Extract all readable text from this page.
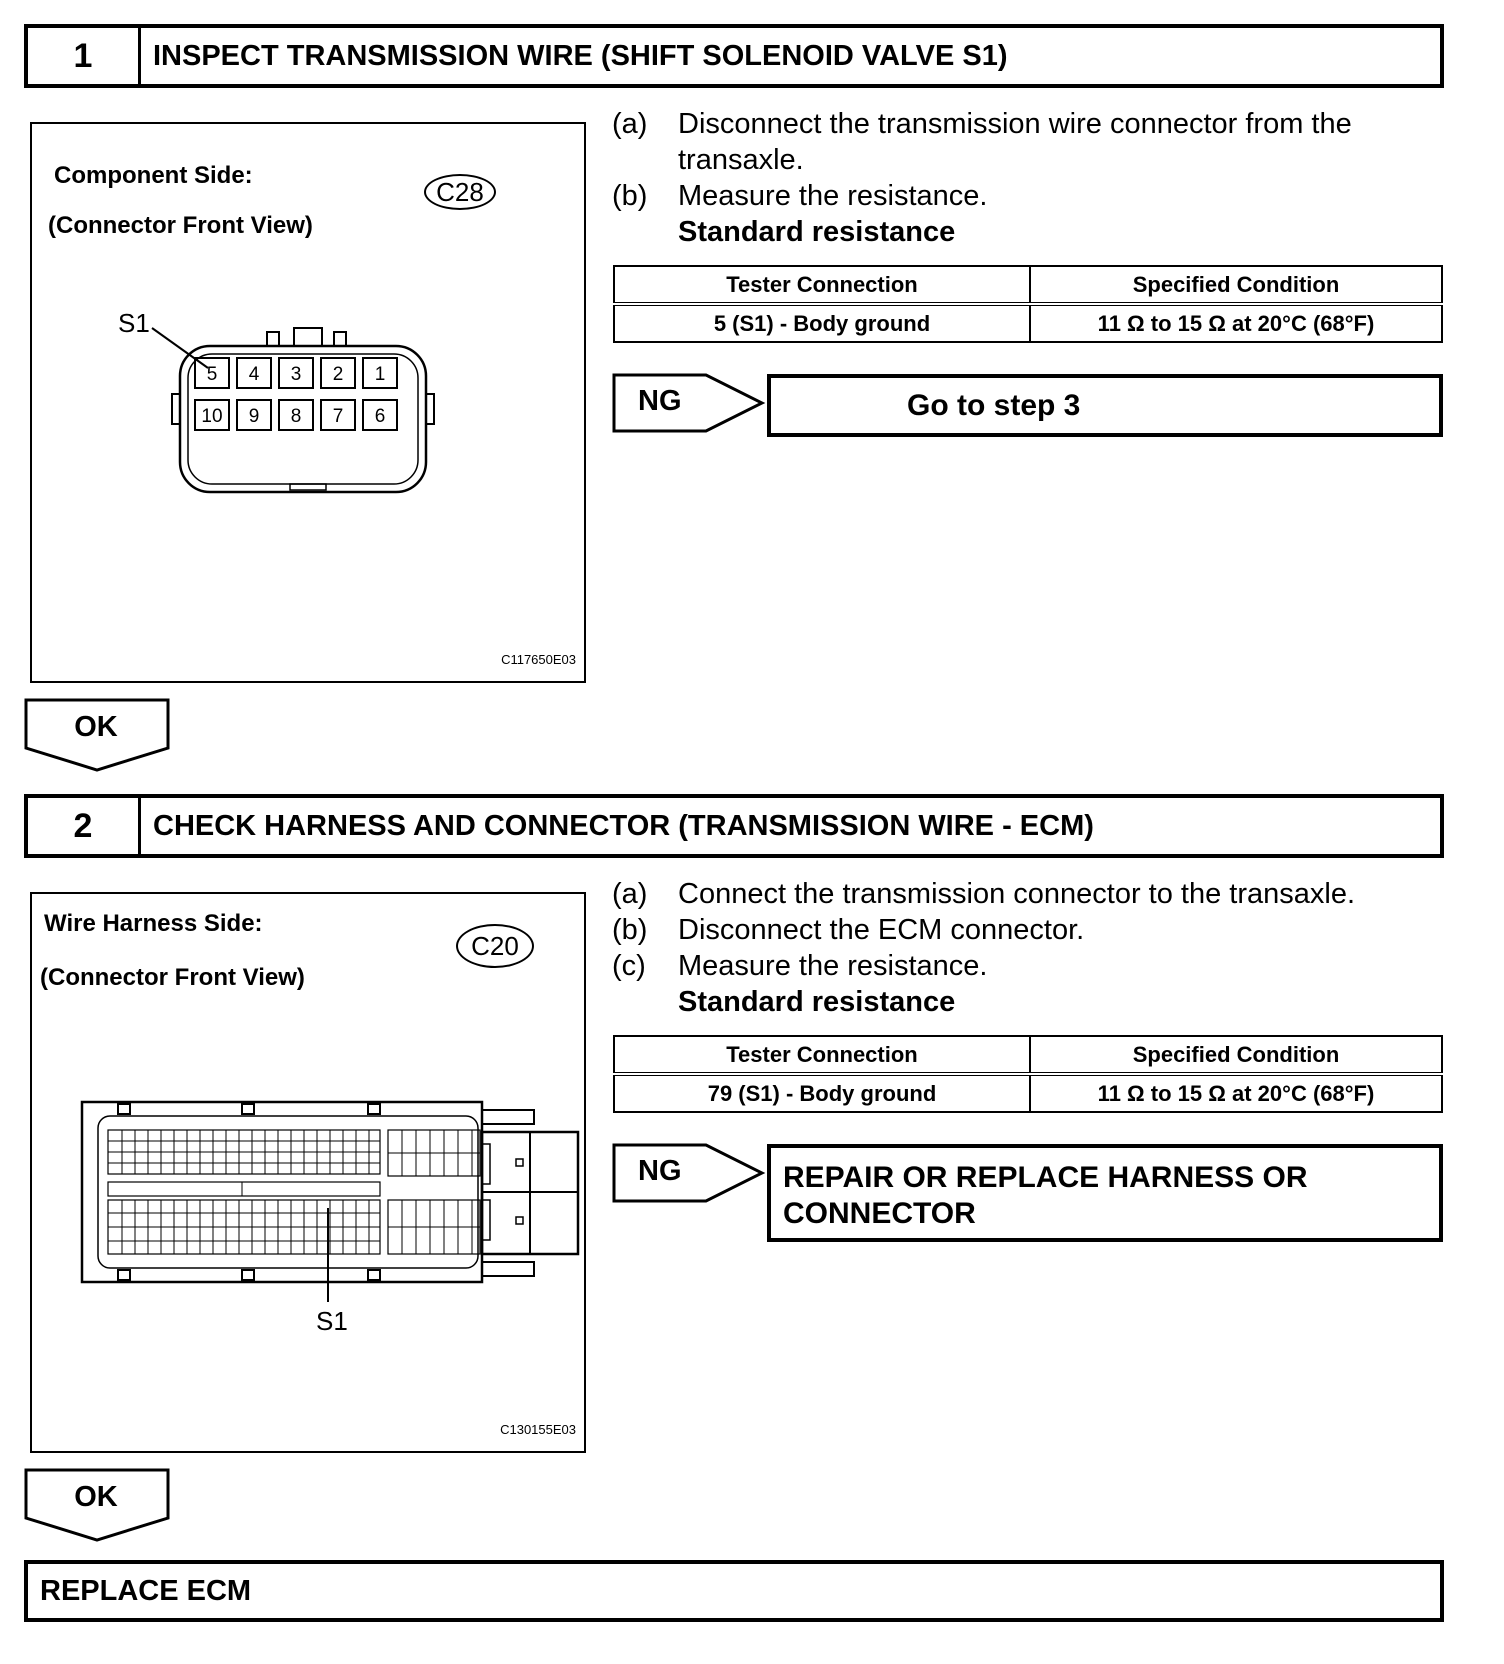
1	INSPECT TRANSMISSION WIRE (SHIFT SOLENOID VALVE S1)
Component Side:
(Connector Front View)
C28
S1
5 4 3 2 1
10 9 8 7 6
C117650E03
(a)	Disconnect the transmission wire connector from the
transaxle.
(b)	Measure the resistance.
Standard resistance
Tester Connection	Specified Condition
5 (S1) - Body ground	11 Ω to 15 Ω at 20°C (68°F)
NG	Go to step 3
OK
2	CHECK HARNESS AND CONNECTOR (TRANSMISSION WIRE - ECM)
Wire Harness Side:
(Connector Front View)
C20
S1
C130155E03
(a)	Connect the transmission connector to the transaxle.
(b)	Disconnect the ECM connector.
(c)	Measure the resistance.
Standard resistance
Tester Connection	Specified Condition
79 (S1) - Body ground	11 Ω to 15 Ω at 20°C (68°F)
NG	REPAIR OR REPLACE HARNESS OR
CONNECTOR
OK
REPLACE ECM
